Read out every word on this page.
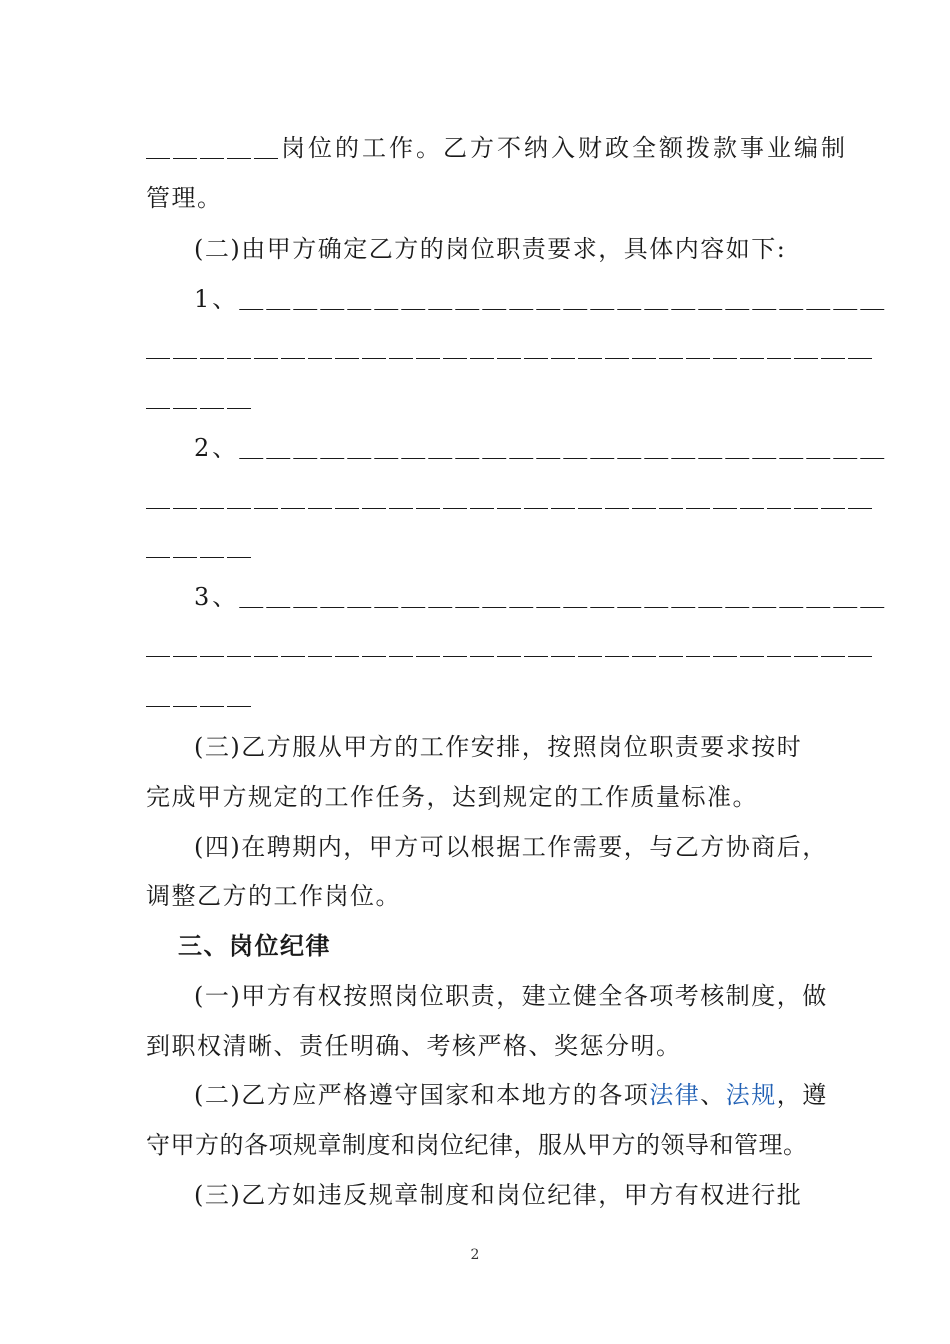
＿＿＿＿＿岗位的工作。乙方不纳入财政全额拨款事业编制
管理。
(二)由甲方确定乙方的岗位职责要求，具体内容如下:
1、＿＿＿＿＿＿＿＿＿＿＿＿＿＿＿＿＿＿＿＿＿＿＿＿
＿＿＿＿＿＿＿＿＿＿＿＿＿＿＿＿＿＿＿＿＿＿＿＿＿＿＿
＿＿＿＿
2、＿＿＿＿＿＿＿＿＿＿＿＿＿＿＿＿＿＿＿＿＿＿＿＿
＿＿＿＿＿＿＿＿＿＿＿＿＿＿＿＿＿＿＿＿＿＿＿＿＿＿＿
＿＿＿＿
3、＿＿＿＿＿＿＿＿＿＿＿＿＿＿＿＿＿＿＿＿＿＿＿＿
＿＿＿＿＿＿＿＿＿＿＿＿＿＿＿＿＿＿＿＿＿＿＿＿＿＿＿
＿＿＿＿
(三)乙方服从甲方的工作安排，按照岗位职责要求按时
完成甲方规定的工作任务，达到规定的工作质量标准。
(四)在聘期内，甲方可以根据工作需要，与乙方协商后，
调整乙方的工作岗位。
三、岗位纪律
(一)甲方有权按照岗位职责，建立健全各项考核制度，做
到职权清晰、责任明确、考核严格、奖惩分明。
(二)乙方应严格遵守国家和本地方的各项法律、法规，遵
守甲方的各项规章制度和岗位纪律，服从甲方的领导和管理。
(三)乙方如违反规章制度和岗位纪律，甲方有权进行批
2
